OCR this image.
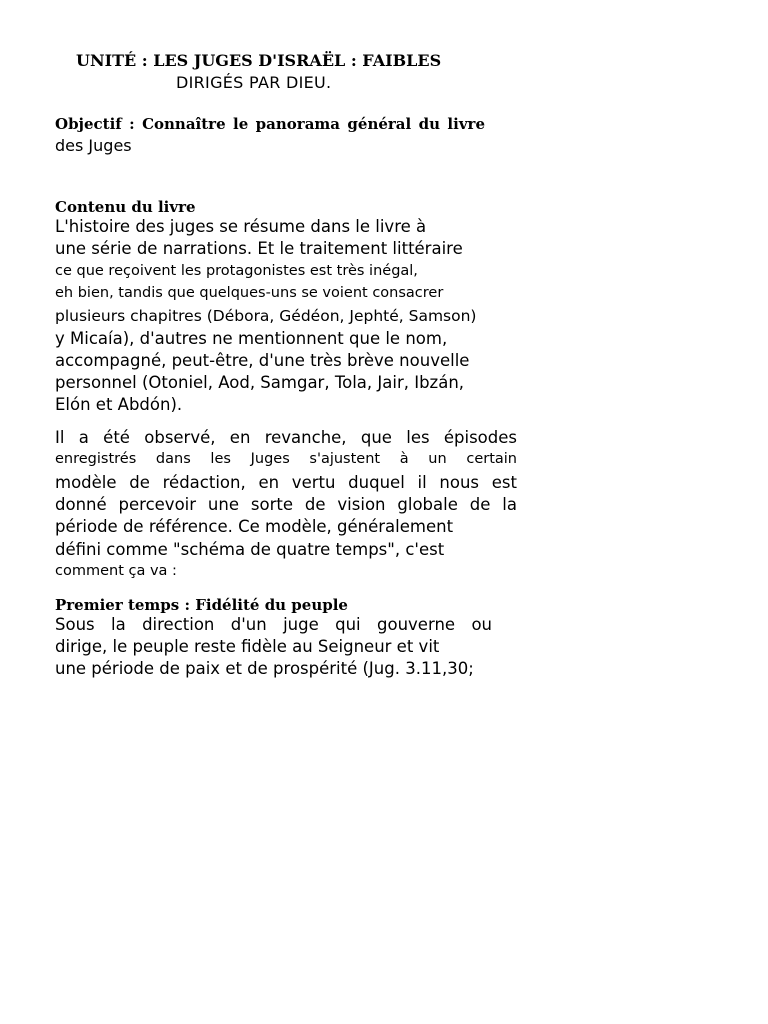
UNITÉ : LES JUGES D'ISRAËL : FAIBLES
DIRIGÉS PAR DIEU.
Objectif : Connaître le panorama général du livre
des Juges
Contenu du livre
L'histoire des juges se résume dans le livre à
une série de narrations. Et le traitement littéraire
ce que reçoivent les protagonistes est très inégal,
eh bien, tandis que quelques-uns se voient consacrer
plusieurs chapitres (Débora, Gédéon, Jephté, Samson)
y Micaía), d'autres ne mentionnent que le nom,
accompagné, peut-être, d'une très brève nouvelle
personnel (Otoniel, Aod, Samgar, Tola, Jair, Ibzán,
Elón et Abdón).
Il a été observé, en revanche, que les épisodes
enregistrés dans les Juges s'ajustent à un certain
modèle de rédaction, en vertu duquel il nous est
donné percevoir une sorte de vision globale de la
période de référence. Ce modèle, généralement
défini comme "schéma de quatre temps", c'est
comment ça va :
Premier temps : Fidélité du peuple
Sous la direction d'un juge qui gouverne ou
dirige, le peuple reste fidèle au Seigneur et vit
une période de paix et de prospérité (Jug. 3.11,30;
